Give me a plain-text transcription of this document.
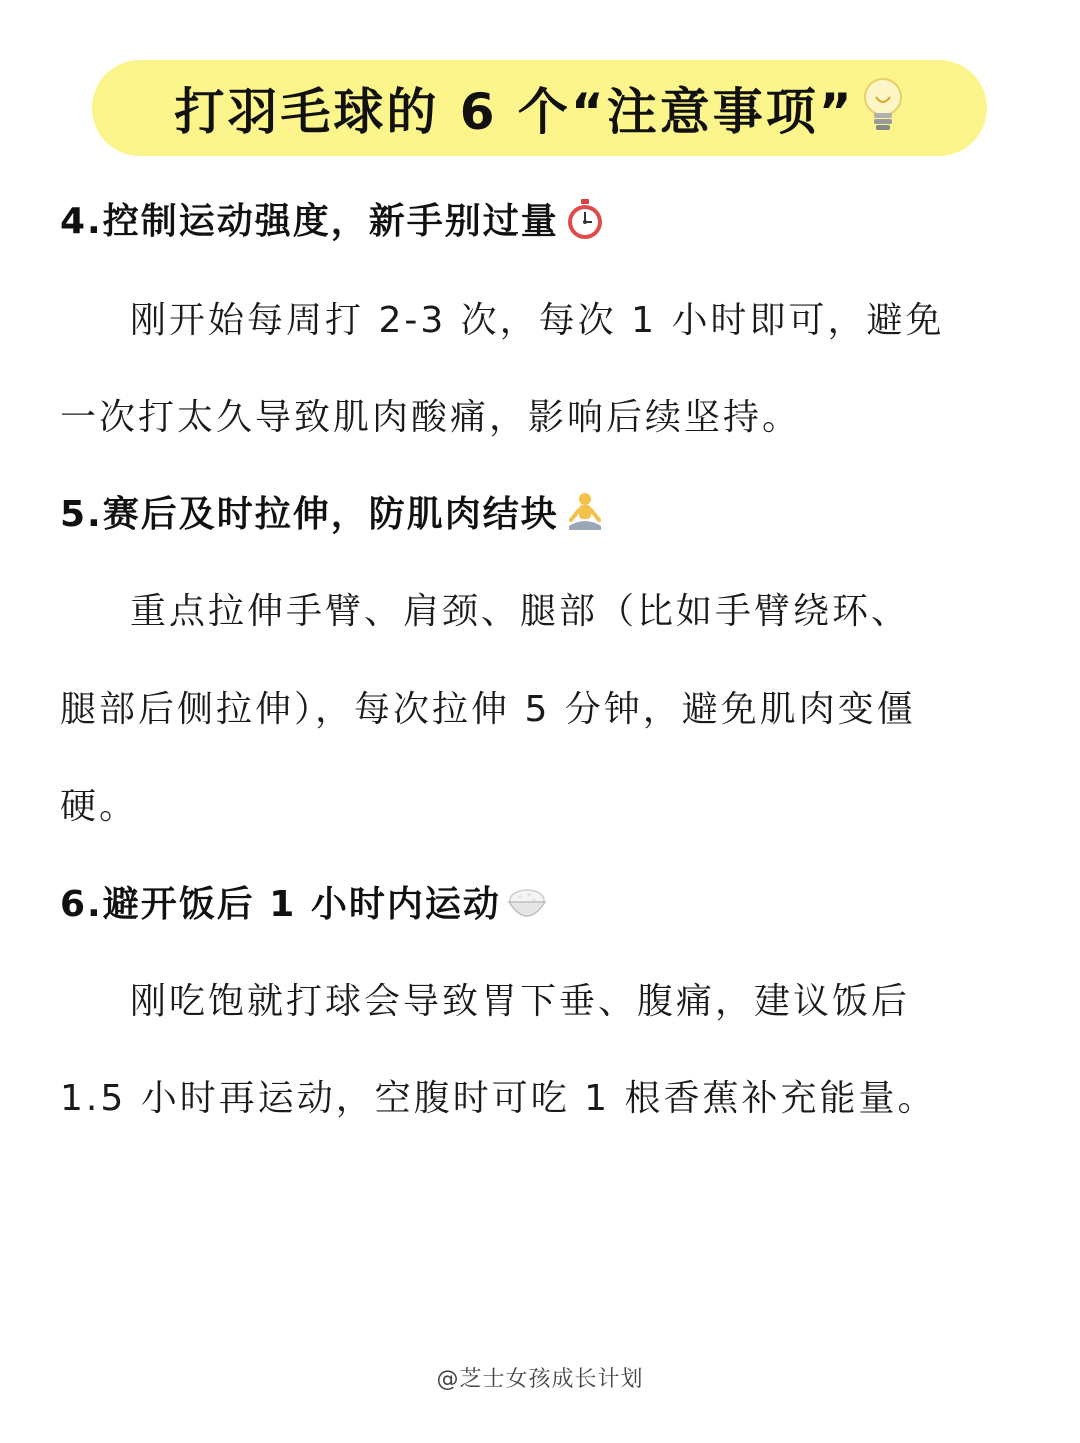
打羽毛球的 6 个“注意事项”
4.控制运动强度，新手别过量
刚开始每周打 2-3 次，每次 1 小时即可，避免
一次打太久导致肌肉酸痛，影响后续坚持。
5.赛后及时拉伸，防肌肉结块
重点拉伸手臂、肩颈、腿部（比如手臂绕环、
腿部后侧拉伸），每次拉伸 5 分钟，避免肌肉变僵
硬。
6.避开饭后 1 小时内运动
刚吃饱就打球会导致胃下垂、腹痛，建议饭后
1.5 小时再运动，空腹时可吃 1 根香蕉补充能量。
@芝士女孩成长计划
